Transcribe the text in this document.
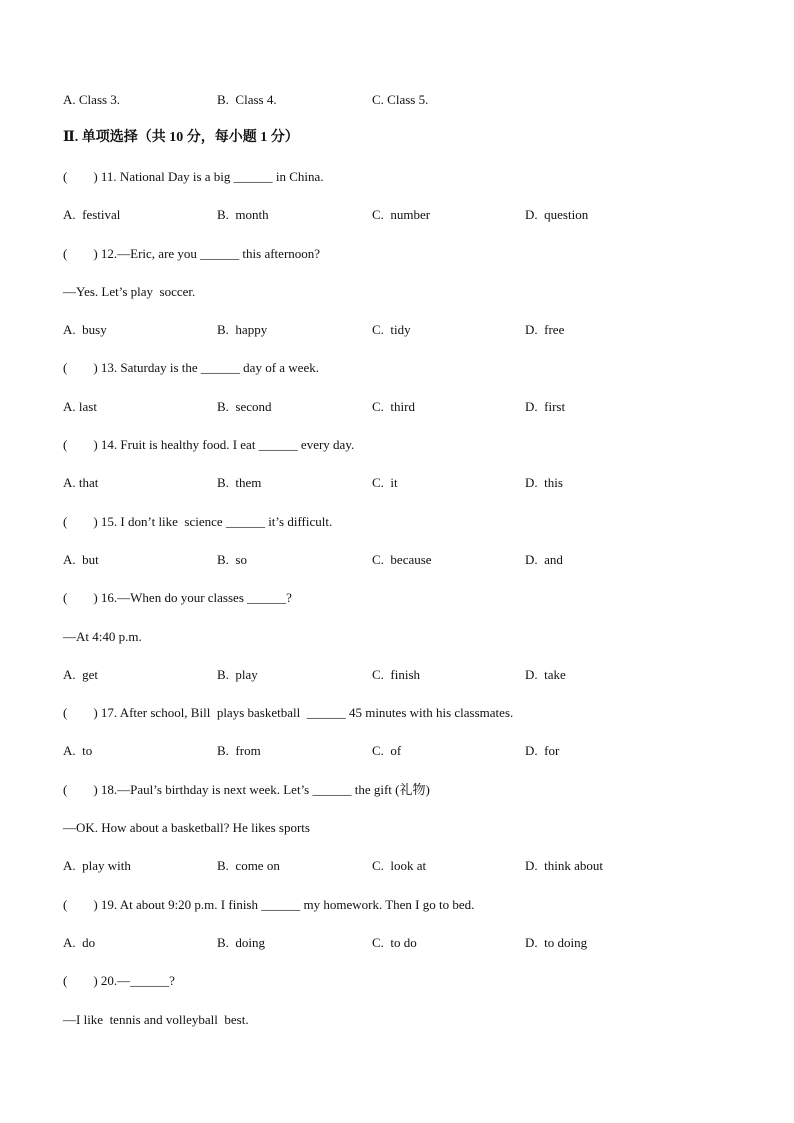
A. Class 3.	B.  Class 4.	C. Class 5.
Ⅱ. 单项选择（共 10 分，每小题 1 分）
(        ) 11. National Day is a big ______ in China.
A.  festival	B.  month	C.  number	D.  question
(        ) 12.—Eric, are you ______ this afternoon?
—Yes. Let’s play  soccer.
A.  busy	B.  happy	C.  tidy	D.  free
(        ) 13. Saturday is the ______ day of a week.
A. last	B.  second	C.  third	D.  first
(        ) 14. Fruit is healthy food. I eat ______ every day.
A. that	B.  them	C.  it	D.  this
(        ) 15. I don’t like  science ______ it’s difficult.
A.  but	B.  so	C.  because	D.  and
(        ) 16.—When do your classes ______?
—At 4:40 p.m.
A.  get	B.  play	C.  finish	D.  take
(        ) 17. After school, Bill  plays basketball  ______ 45 minutes with his classmates.
A.  to	B.  from	C.  of	D.  for
(        ) 18.—Paul’s birthday is next week. Let’s ______ the gift (礼物)
—OK. How about a basketball? He likes sports
A.  play with	B.  come on	C.  look at	D.  think about
(        ) 19. At about 9:20 p.m. I finish ______ my homework. Then I go to bed.
A.  do	B.  doing	C.  to do	D.  to doing
(        ) 20.—______?
—I like  tennis and volleyball  best.
